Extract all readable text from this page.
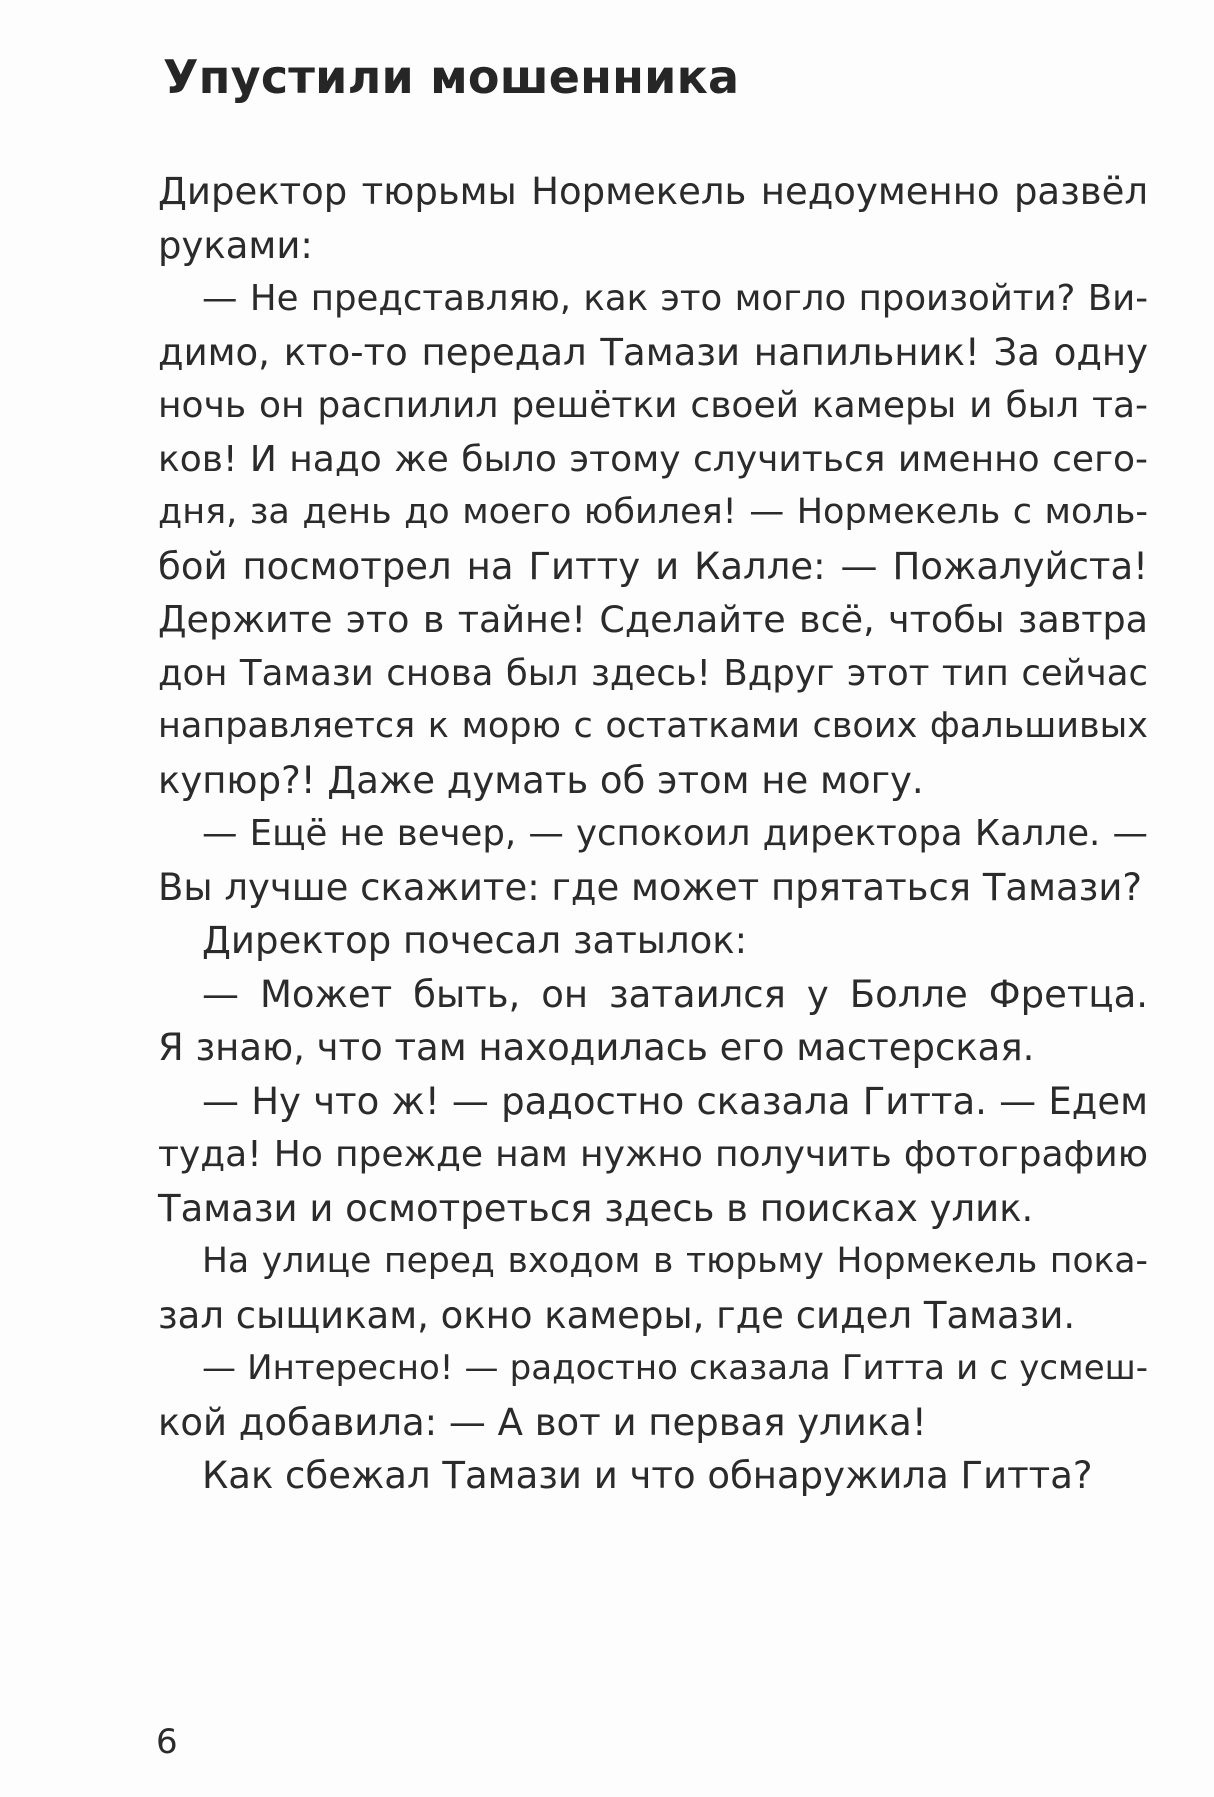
Упустили мошенника
Директор тюрьмы Нормекель недоуменно развёл
руками:
— Не представляю, как это могло произойти? Ви-
димо, кто-то передал Тамази напильник! За одну
ночь он распилил решётки своей камеры и был та-
ков! И надо же было этому случиться именно сего-
дня, за день до моего юбилея! — Нормекель с моль-
бой посмотрел на Гитту и Калле: — Пожалуйста!
Держите это в тайне! Сделайте всё, чтобы завтра
дон Тамази снова был здесь! Вдруг этот тип сейчас
направляется к морю с остатками своих фальшивых
купюр?! Даже думать об этом не могу.
— Ещё не вечер, — успокоил директора Калле. —
Вы лучше скажите: где может прятаться Тамази?
Директор почесал затылок:
— Может быть, он затаился у Болле Фретца.
Я знаю, что там находилась его мастерская.
— Ну что ж! — радостно сказала Гитта. — Едем
туда! Но прежде нам нужно получить фотографию
Тамази и осмотреться здесь в поисках улик.
На улице перед входом в тюрьму Нормекель пока-
зал сыщикам, окно камеры, где сидел Тамази.
— Интересно! — радостно сказала Гитта и с усмеш-
кой добавила: — А вот и первая улика!
Как сбежал Тамази и что обнаружила Гитта?
6
